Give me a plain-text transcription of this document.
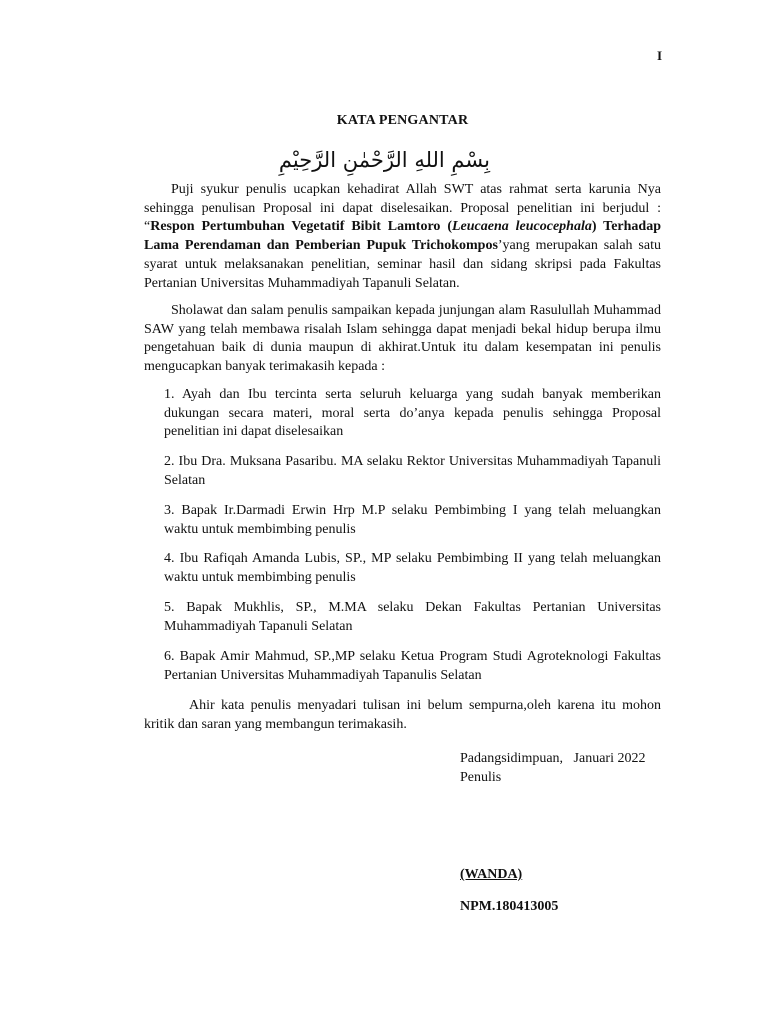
I
KATA PENGANTAR
بِسْمِ اللهِ الرَّحْمٰنِ الرَّحِيْمِ
Puji syukur penulis ucapkan kehadirat Allah SWT atas rahmat serta karunia Nya sehingga penulisan Proposal ini dapat diselesaikan. Proposal penelitian ini berjudul : “Respon Pertumbuhan Vegetatif Bibit Lamtoro (Leucaena leucocephala) Terhadap Lama Perendaman dan Pemberian Pupuk Trichokompos’yang merupakan salah satu syarat untuk melaksanakan penelitian, seminar hasil dan sidang skripsi pada Fakultas Pertanian Universitas Muhammadiyah Tapanuli Selatan.
Sholawat dan salam penulis sampaikan kepada junjungan alam Rasulullah Muhammad SAW yang telah membawa risalah Islam sehingga dapat menjadi bekal hidup berupa ilmu pengetahuan baik di dunia maupun di akhirat.Untuk itu dalam kesempatan ini penulis mengucapkan banyak terimakasih kepada :
1. Ayah dan Ibu tercinta serta seluruh keluarga yang sudah banyak memberikan dukungan secara materi, moral serta do’anya kepada penulis sehingga Proposal penelitian ini dapat diselesaikan
2. Ibu Dra. Muksana Pasaribu. MA selaku Rektor Universitas Muhammadiyah Tapanuli Selatan
3. Bapak Ir.Darmadi Erwin Hrp M.P selaku Pembimbing I yang telah meluangkan waktu untuk membimbing penulis
4. Ibu Rafiqah Amanda Lubis, SP., MP selaku Pembimbing II yang telah meluangkan waktu untuk membimbing penulis
5. Bapak Mukhlis, SP., M.MA selaku Dekan Fakultas Pertanian Universitas Muhammadiyah Tapanuli Selatan
6. Bapak Amir Mahmud, SP.,MP selaku Ketua Program Studi Agroteknologi Fakultas Pertanian Universitas Muhammadiyah Tapanulis Selatan
Ahir kata penulis menyadari tulisan ini belum sempurna,oleh karena itu mohon kritik dan saran yang membangun terimakasih.
Padangsidimpuan,   Januari 2022
Penulis
(WANDA)
NPM.180413005
